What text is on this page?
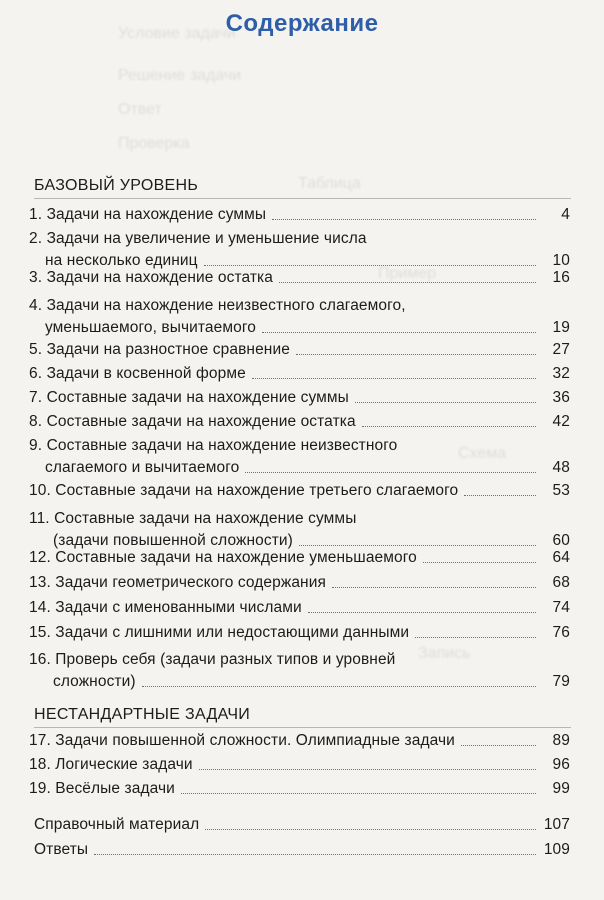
Условие задачи
Решение задачи
Ответ
Проверка
Таблица
Пример
Схема
Запись
Содержание
БАЗОВЫЙ УРОВЕНЬ
НЕСТАНДАРТНЫЕ ЗАДАЧИ
1. Задачи на нахождение суммы	4
2. Задачи на увеличение и уменьшение числа
на несколько единиц	10
3. Задачи на нахождение остатка	16
4. Задачи на нахождение неизвестного слагаемого,
уменьшаемого, вычитаемого	19
5. Задачи на разностное сравнение	27
6. Задачи в косвенной форме	32
7. Составные задачи на нахождение суммы	36
8. Составные задачи на нахождение остатка	42
9. Составные задачи на нахождение неизвестного
слагаемого и вычитаемого	48
10. Составные задачи на нахождение третьего слагаемого	53
11. Составные задачи на нахождение суммы
(задачи повышенной сложности)	60
12. Составные задачи на нахождение уменьшаемого	64
13. Задачи геометрического содержания	68
14. Задачи с именованными числами	74
15. Задачи с лишними или недостающими данными	76
16. Проверь себя (задачи разных типов и уровней
сложности)	79
17. Задачи повышенной сложности. Олимпиадные задачи	89
18. Логические задачи	96
19. Весёлые задачи	99
Справочный материал	107
Ответы	109
